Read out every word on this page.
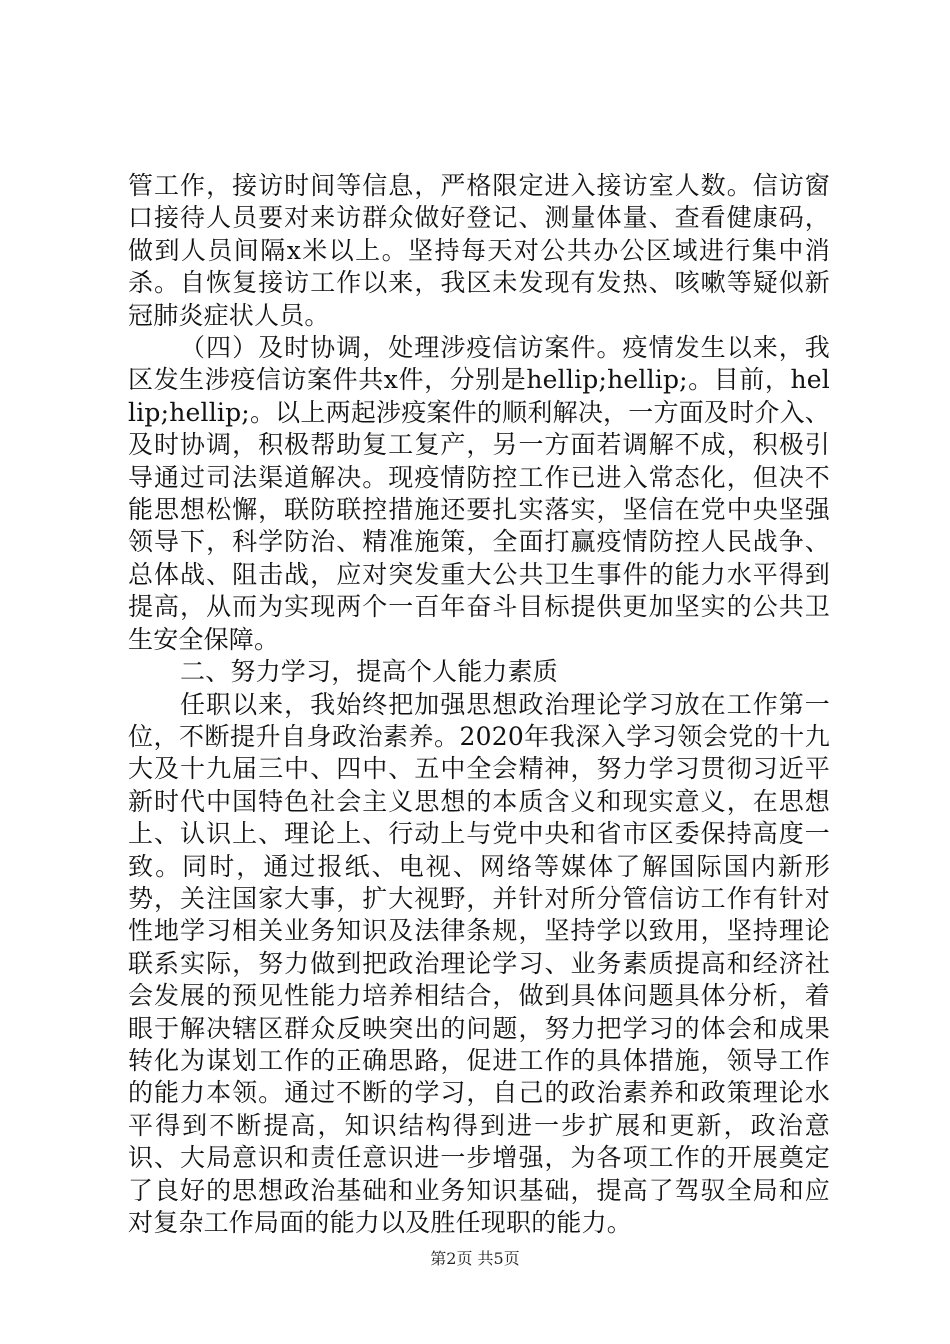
管工作，接访时间等信息，严格限定进入接访室人数。信访窗口接待人员要对来访群众做好登记、测量体量、查看健康码，做到人员间隔x米以上。坚持每天对公共办公区域进行集中消杀。自恢复接访工作以来，我区未发现有发热、咳嗽等疑似新冠肺炎症状人员。

（四）及时协调，处理涉疫信访案件。疫情发生以来，我区发生涉疫信访案件共x件，分别是hellip;hellip;。目前，hellip;hellip;。以上两起涉疫案件的顺利解决，一方面及时介入、及时协调，积极帮助复工复产，另一方面若调解不成，积极引导通过司法渠道解决。现疫情防控工作已进入常态化，但决不能思想松懈，联防联控措施还要扎实落实，坚信在党中央坚强领导下，科学防治、精准施策，全面打赢疫情防控人民战争、总体战、阻击战，应对突发重大公共卫生事件的能力水平得到提高，从而为实现两个一百年奋斗目标提供更加坚实的公共卫生安全保障。

二、努力学习，提高个人能力素质

任职以来，我始终把加强思想政治理论学习放在工作第一位，不断提升自身政治素养。2020年我深入学习领会党的十九大及十九届三中、四中、五中全会精神，努力学习贯彻习近平新时代中国特色社会主义思想的本质含义和现实意义，在思想上、认识上、理论上、行动上与党中央和省市区委保持高度一致。同时，通过报纸、电视、网络等媒体了解国际国内新形势，关注国家大事，扩大视野，并针对所分管信访工作有针对性地学习相关业务知识及法律条规，坚持学以致用，坚持理论联系实际，努力做到把政治理论学习、业务素质提高和经济社会发展的预见性能力培养相结合，做到具体问题具体分析，着眼于解决辖区群众反映突出的问题，努力把学习的体会和成果转化为谋划工作的正确思路，促进工作的具体措施，领导工作的能力本领。通过不断的学习，自己的政治素养和政策理论水平得到不断提高，知识结构得到进一步扩展和更新，政治意识、大局意识和责任意识进一步增强，为各项工作的开展奠定了良好的思想政治基础和业务知识基础，提高了驾驭全局和应对复杂工作局面的能力以及胜任现职的能力。

第2页 共5页
